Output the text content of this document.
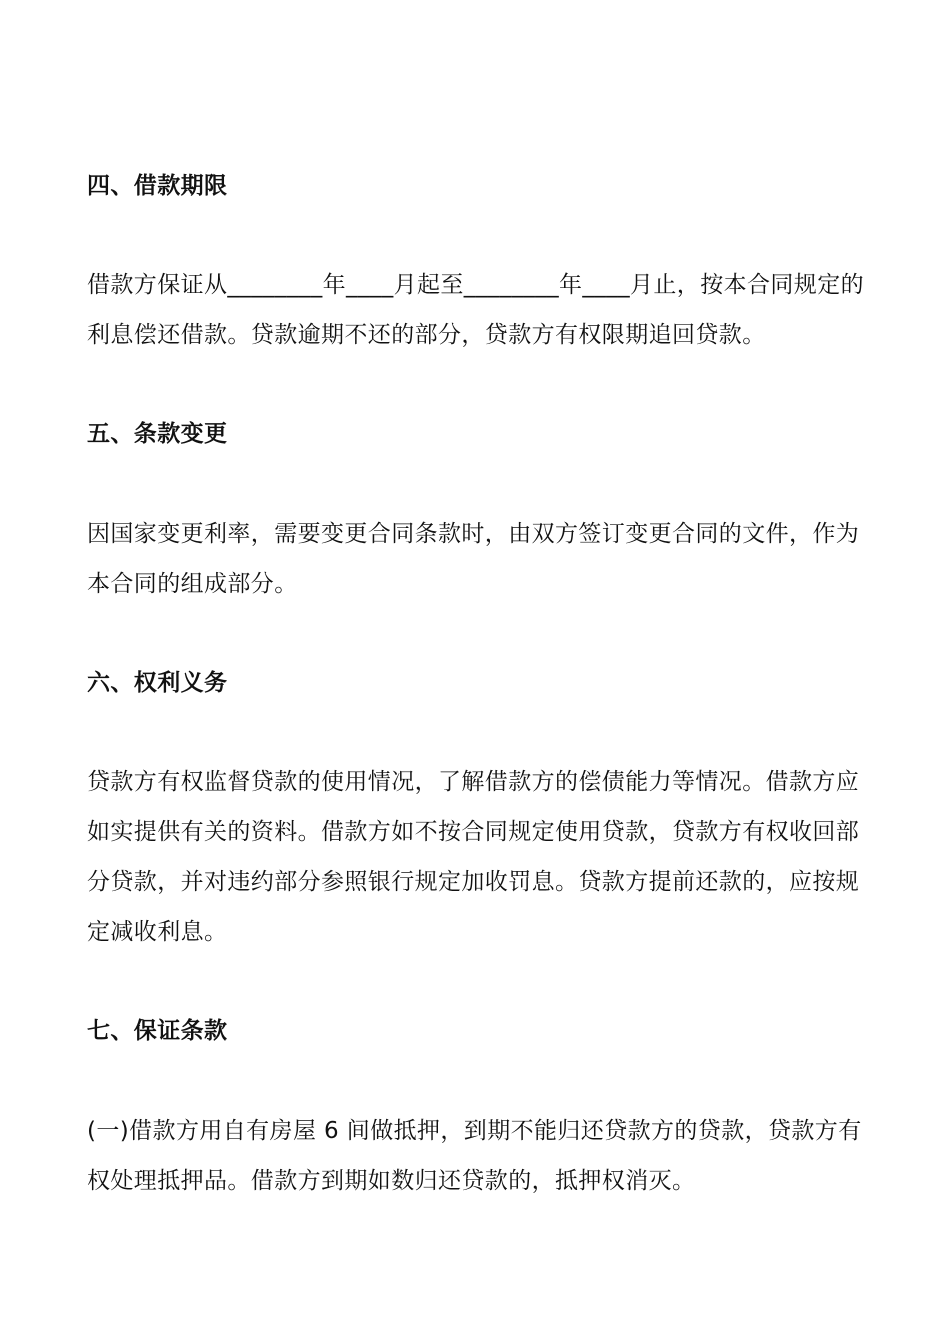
四、借款期限

借款方保证从________年____月起至________年____月止，按本合同规定的利息偿还借款。贷款逾期不还的部分，贷款方有权限期追回贷款。

五、条款变更

因国家变更利率，需要变更合同条款时，由双方签订变更合同的文件，作为本合同的组成部分。

六、权利义务

贷款方有权监督贷款的使用情况，了解借款方的偿债能力等情况。借款方应如实提供有关的资料。借款方如不按合同规定使用贷款，贷款方有权收回部分贷款，并对违约部分参照银行规定加收罚息。贷款方提前还款的，应按规定减收利息。

七、保证条款

(一)借款方用自有房屋 6 间做抵押，到期不能归还贷款方的贷款，贷款方有权处理抵押品。借款方到期如数归还贷款的，抵押权消灭。
